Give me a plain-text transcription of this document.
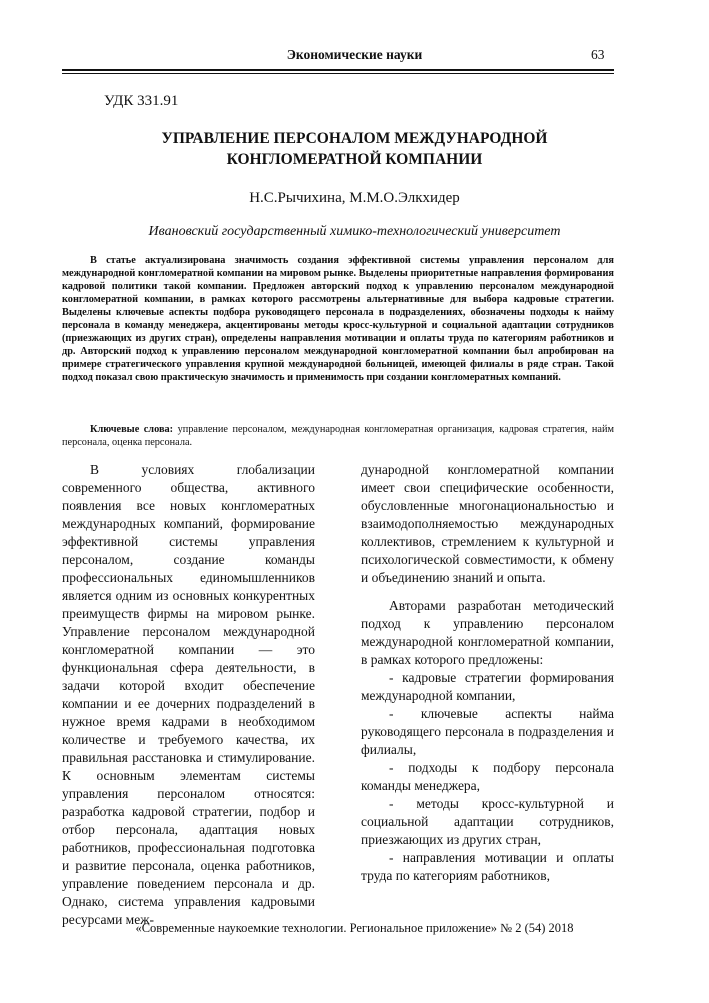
Экономические науки	63
УДК 331.91
УПРАВЛЕНИЕ ПЕРСОНАЛОМ МЕЖДУНАРОДНОЙ
КОНГЛОМЕРАТНОЙ КОМПАНИИ
Н.С.Рычихина, М.М.О.Элкхидер
Ивановский государственный химико-технологический университет

В статье актуализирована значимость создания эффективной системы управления персоналом для международной конгломератной компании на мировом рынке. Выделены приоритетные направления формирования кадровой политики такой компании. Предложен авторский подход к управлению персоналом международной конгломератной компании, в рамках которого рассмотрены альтернативные для выбора кадровые стратегии. Выделены ключевые аспекты подбора руководящего персонала в подразделениях, обозначены подходы к найму персонала в команду менеджера, акцентированы методы кросс-культурной и социальной адаптации сотрудников (приезжающих из других стран), определены направления мотивации и оплаты труда по категориям работников и др. Авторский подход к управлению персоналом международной конгломератной компании был апробирован на примере стратегического управления крупной международной больницей, имеющей филиалы в ряде стран. Такой подход показал свою практическую значимость и применимость при создании конгломератных компаний.

Ключевые слова: управление персоналом, международная конгломератная организация, кадровая стратегия, найм персонала, оценка персонала.

В условиях глобализации современного общества, активного появления все новых конгломератных международных компаний, формирование эффективной системы управления персоналом, создание команды профессиональных единомышленников является одним из основных конкурентных преимуществ фирмы на мировом рынке. Управление персоналом международной конгломератной компании — это функциональная сфера деятельности, в задачи которой входит обеспечение компании и ее дочерних подразделений в нужное время кадрами в необходимом количестве и требуемого качества, их правильная расстановка и стимулирование. К основным элементам системы управления персоналом относятся: разработка кадровой стратегии, подбор и отбор персонала, адаптация новых работников, профессиональная подготовка и развитие персонала, оценка работников, управление поведением персонала и др. Однако, система управления кадровыми ресурсами меж-

дународной конгломератной компании имеет свои специфические особенности, обусловленные многонациональностью и взаимодополняемостью международных коллективов, стремлением к культурной и психологической совместимости, к обмену и объединению знаний и опыта.

Авторами разработан методический подход к управлению персоналом международной конгломератной компании, в рамках которого предложены:

- кадровые стратегии формирования международной компании,

- ключевые аспекты найма руководящего персонала в подразделения и филиалы,

- подходы к подбору персонала команды менеджера,

- методы кросс-культурной и социальной адаптации сотрудников, приезжающих из других стран,

- направления мотивации и оплаты труда по категориям работников,

«Современные наукоемкие технологии. Региональное приложение» № 2 (54) 2018
